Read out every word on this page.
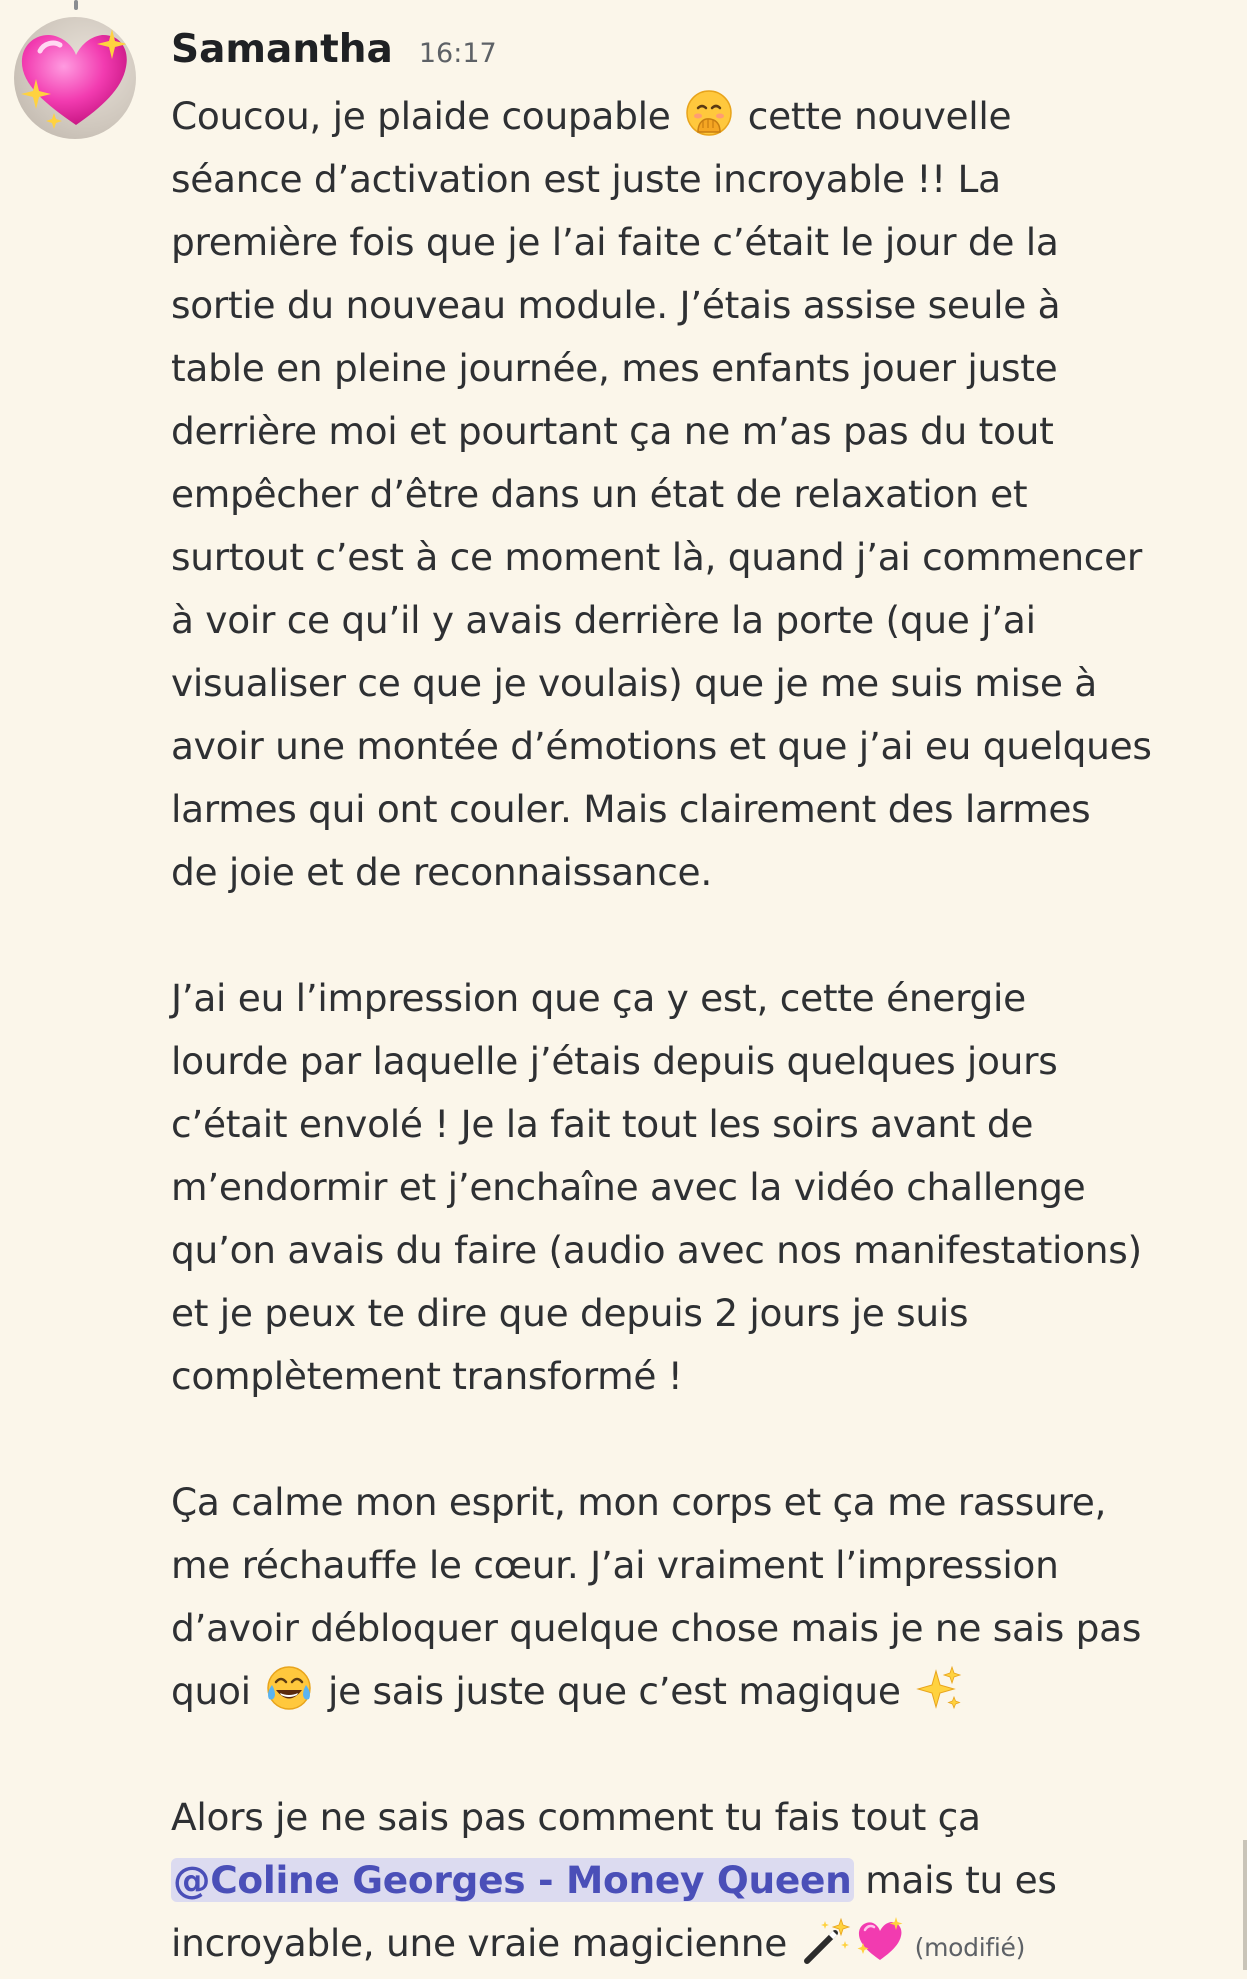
Samantha 16:17
Coucou, je plaide coupable
cette nouvelle
séance d’activation est juste incroyable !! La
première fois que je l’ai faite c’était le jour de la
sortie du nouveau module. J’étais assise seule à
table en pleine journée, mes enfants jouer juste
derrière moi et pourtant ça ne m’as pas du tout
empêcher d’être dans un état de relaxation et
surtout c’est à ce moment là, quand j’ai commencer
à voir ce qu’il y avais derrière la porte (que j’ai
visualiser ce que je voulais) que je me suis mise à
avoir une montée d’émotions et que j’ai eu quelques
larmes qui ont couler. Mais clairement des larmes
de joie et de reconnaissance.
J’ai eu l’impression que ça y est, cette énergie
lourde par laquelle j’étais depuis quelques jours
c’était envolé ! Je la fait tout les soirs avant de
m’endormir et j’enchaîne avec la vidéo challenge
qu’on avais du faire (audio avec nos manifestations)
et je peux te dire que depuis 2 jours je suis
complètement transformé !
Ça calme mon esprit, mon corps et ça me rassure,
me réchauffe le cœur. J’ai vraiment l’impression
d’avoir débloquer quelque chose mais je ne sais pas
quoi
je sais juste que c’est magique
Alors je ne sais pas comment tu fais tout ça
@Coline Georges - Money Queen mais tu es
incroyable, une vraie magicienne	(modifié)
